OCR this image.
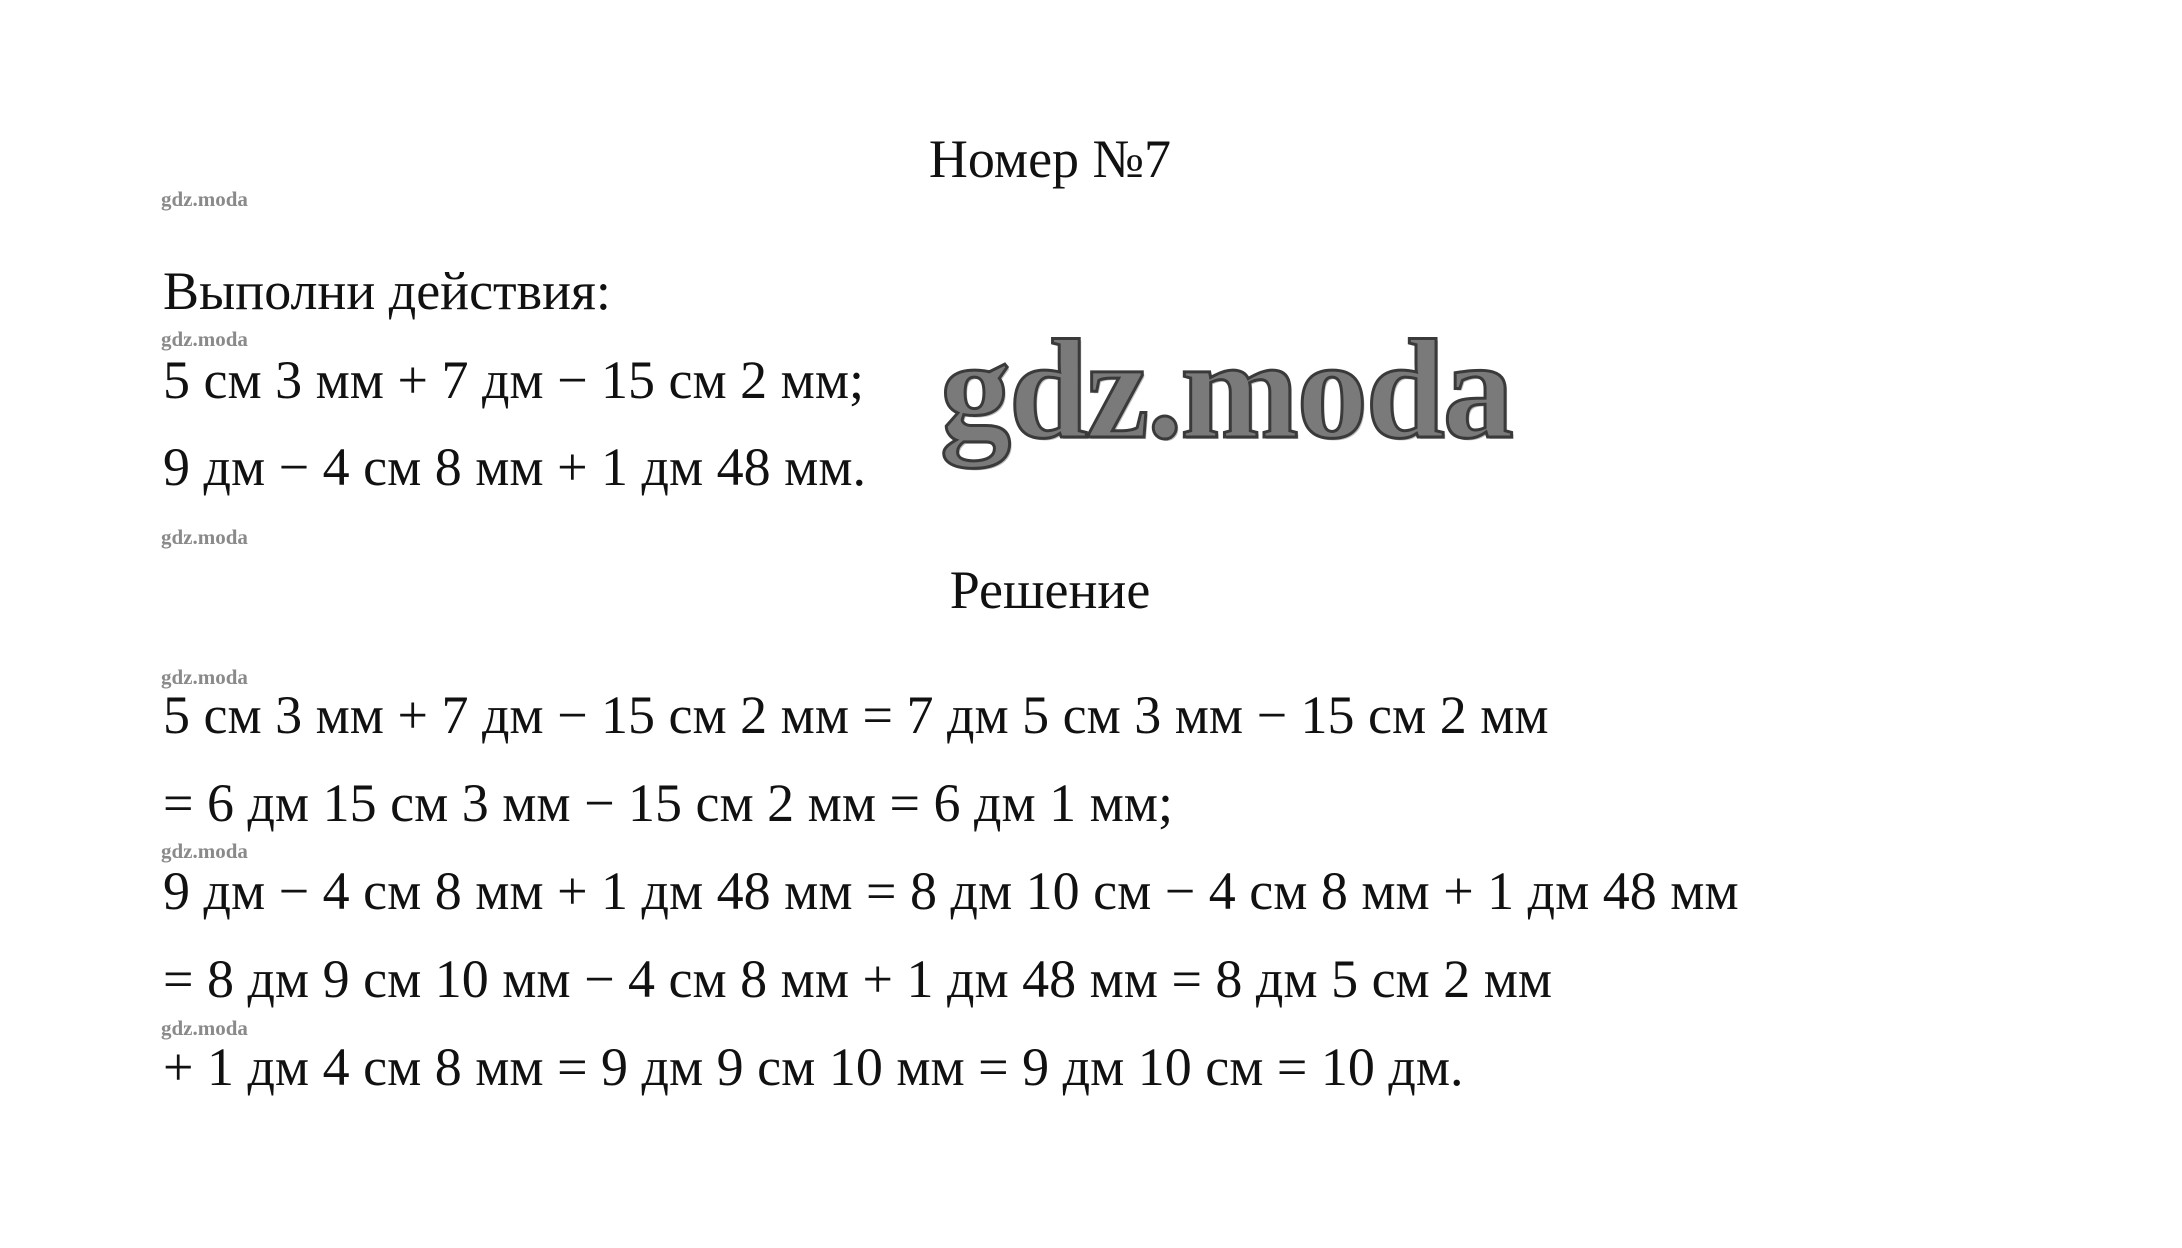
Номер №7
gdz.moda
Выполни действия:
gdz.moda
5 см 3 мм + 7 дм − 15 см 2 мм;
9 дм − 4 см 8 мм + 1 дм 48 мм. gdz.moda
gdz.moda
Решение
gdz.moda
5 см 3 мм + 7 дм − 15 см 2 мм = 7 дм 5 см 3 мм − 15 см 2 мм
= 6 дм 15 см 3 мм − 15 см 2 мм = 6 дм 1 мм;
gdz.moda
9 дм − 4 см 8 мм + 1 дм 48 мм = 8 дм 10 см − 4 см 8 мм + 1 дм 48 мм
= 8 дм 9 см 10 мм − 4 см 8 мм + 1 дм 48 мм = 8 дм 5 см 2 мм
gdz.moda
+ 1 дм 4 см 8 мм = 9 дм 9 см 10 мм = 9 дм 10 см = 10 дм.
